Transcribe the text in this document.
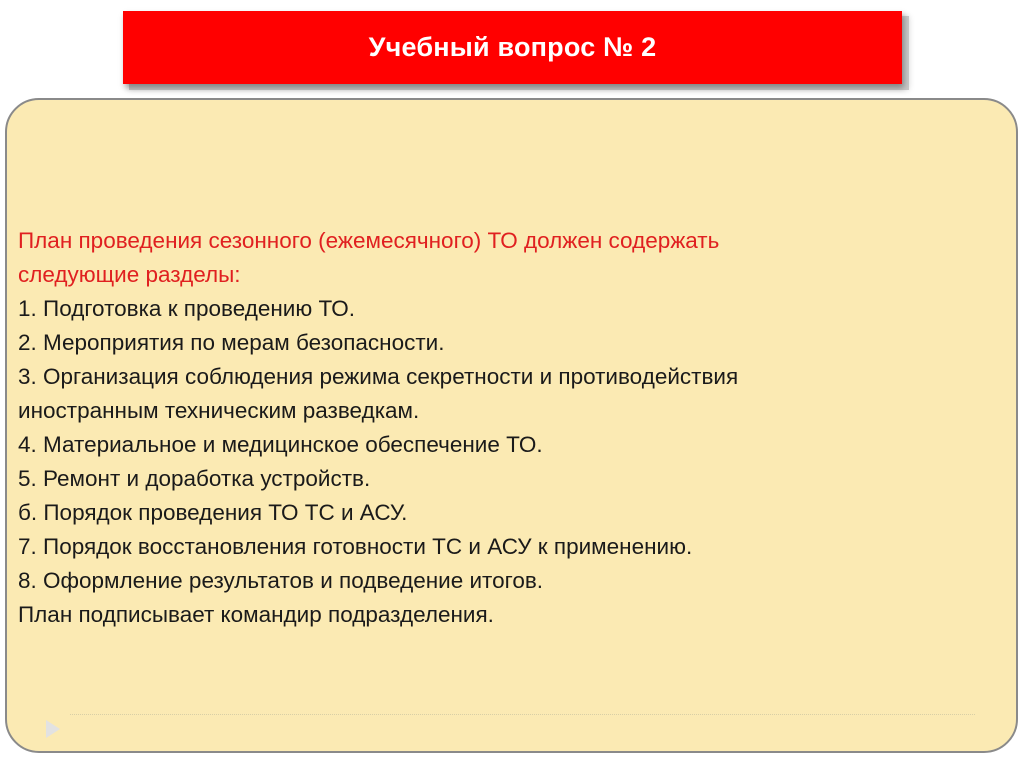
Учебный вопрос № 2
План проведения сезонного (ежемесячного) ТО должен содержать
следующие разделы:
1. Подготовка к проведению ТО.
2. Мероприятия по мерам безопасности.
3. Организация соблюдения режима секретности и противодействия
иностранным техническим разведкам.
4. Материальное и медицинское обеспечение ТО.
5. Ремонт и доработка устройств.
б. Порядок проведения ТО ТС и АСУ.
7. Порядок восстановления готовности ТС и АСУ к применению.
8. Оформление результатов и подведение итогов.
План подписывает командир подразделения.
